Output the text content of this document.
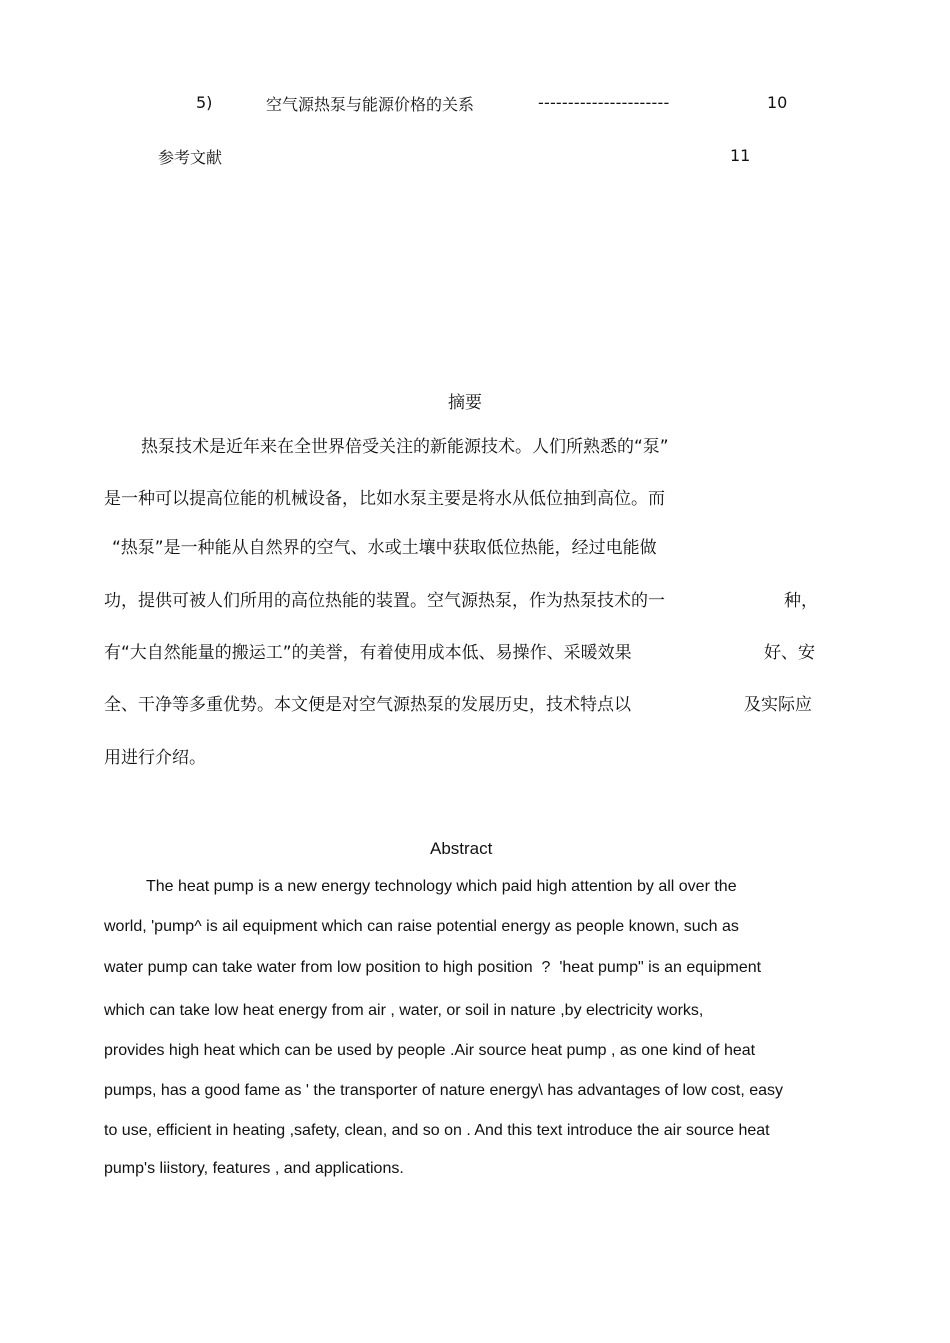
5)	空气源热泵与能源价格的关系	----------------------	10
参考文献	11
摘要
热泵技术是近年来在全世界倍受关注的新能源技术。人们所熟悉的“泵”
是一种可以提高位能的机械设备，比如水泵主要是将水从低位抽到高位。而
“热泵”是一种能从自然界的空气、水或土壤中获取低位热能，经过电能做
功，提供可被人们所用的高位热能的装置。空气源热泵，作为热泵技术的一	种，
有“大自然能量的搬运工”的美誉，有着使用成本低、易操作、采暖效果	好、安
全、干净等多重优势。本文便是对空气源热泵的发展历史，技术特点以	及实际应
用进行介绍。
Abstract
The heat pump is a new energy technology which paid high attention by all over the
world, 'pump^ is ail equipment which can raise potential energy as people known, such as
water pump can take water from low position to high position  ?  'heat pump" is an equipment
which can take low heat energy from air , water, or soil in nature ,by electricity works,
provides high heat which can be used by people .Air source heat pump , as one kind of heat
pumps, has a good fame as ' the transporter of nature energy\ has advantages of low cost, easy
to use, efficient in heating ,safety, clean, and so on . And this text introduce the air source heat
pump's liistory, features , and applications.
